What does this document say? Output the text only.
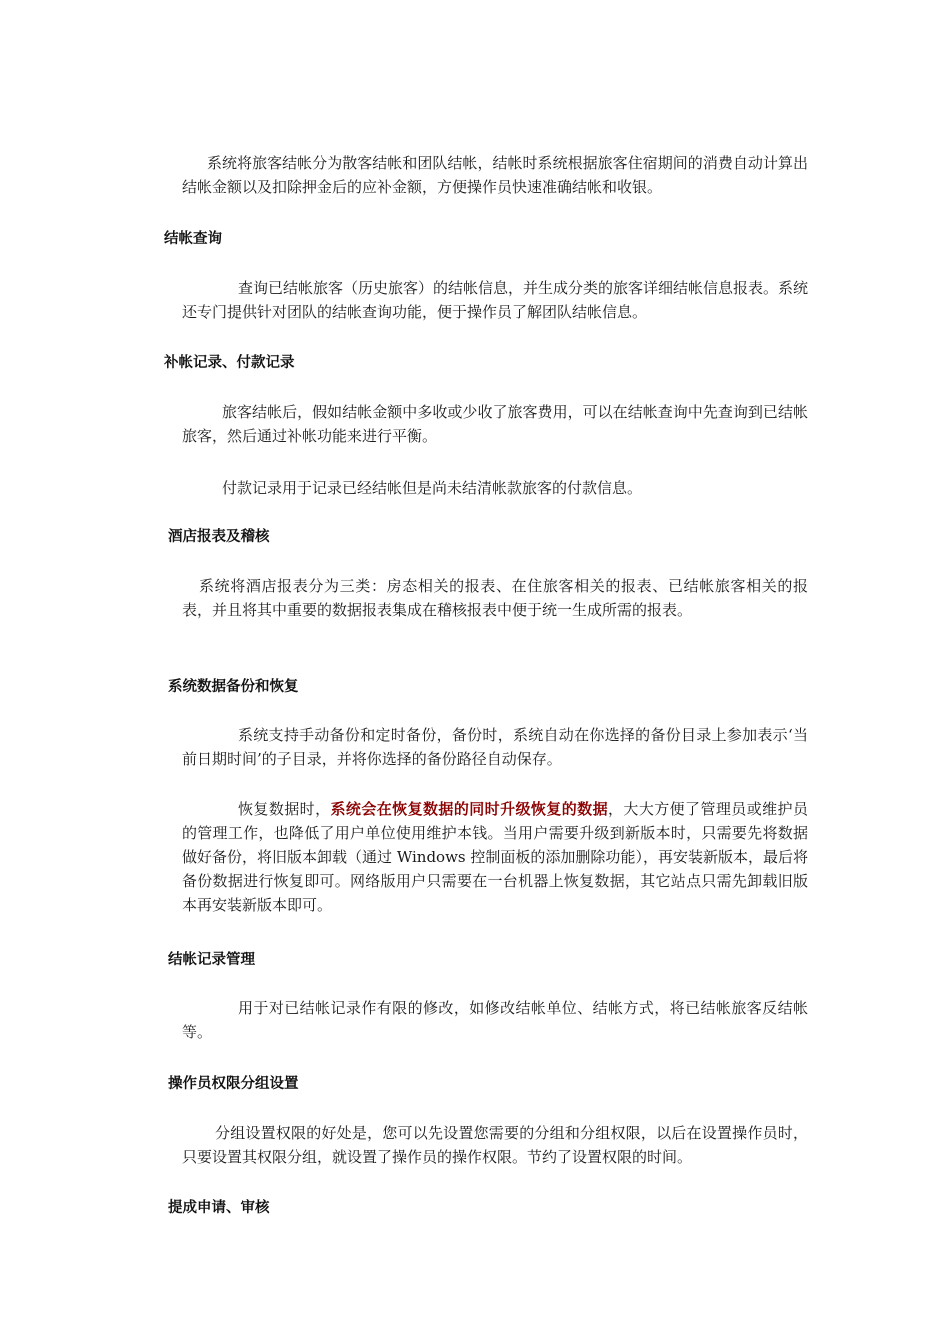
系统将旅客结帐分为散客结帐和团队结帐，结帐时系统根据旅客住宿期间的消费自动计算出结帐金额以及扣除押金后的应补金额，方便操作员快速准确结帐和收银。

结帐查询

查询已结帐旅客（历史旅客）的结帐信息，并生成分类的旅客详细结帐信息报表。系统还专门提供针对团队的结帐查询功能，便于操作员了解团队结帐信息。

补帐记录、付款记录

旅客结帐后，假如结帐金额中多收或少收了旅客费用，可以在结帐查询中先查询到已结帐旅客，然后通过补帐功能来进行平衡。

付款记录用于记录已经结帐但是尚未结清帐款旅客的付款信息。

酒店报表及稽核

系统将酒店报表分为三类：房态相关的报表、在住旅客相关的报表、已结帐旅客相关的报表，并且将其中重要的数据报表集成在稽核报表中便于统一生成所需的报表。

系统数据备份和恢复

系统支持手动备份和定时备份，备份时，系统自动在你选择的备份目录上参加表示‘当前日期时间’的子目录，并将你选择的备份路径自动保存。

恢复数据时，系统会在恢复数据的同时升级恢复的数据，大大方便了管理员或维护员的管理工作，也降低了用户单位使用维护本钱。当用户需要升级到新版本时，只需要先将数据做好备份，将旧版本卸载（通过 Windows 控制面板的添加删除功能），再安装新版本，最后将备份数据进行恢复即可。网络版用户只需要在一台机器上恢复数据，其它站点只需先卸载旧版本再安装新版本即可。

结帐记录管理

用于对已结帐记录作有限的修改，如修改结帐单位、结帐方式，将已结帐旅客反结帐等。

操作员权限分组设置

分组设置权限的好处是，您可以先设置您需要的分组和分组权限，以后在设置操作员时，只要设置其权限分组，就设置了操作员的操作权限。节约了设置权限的时间。

提成申请、审核
